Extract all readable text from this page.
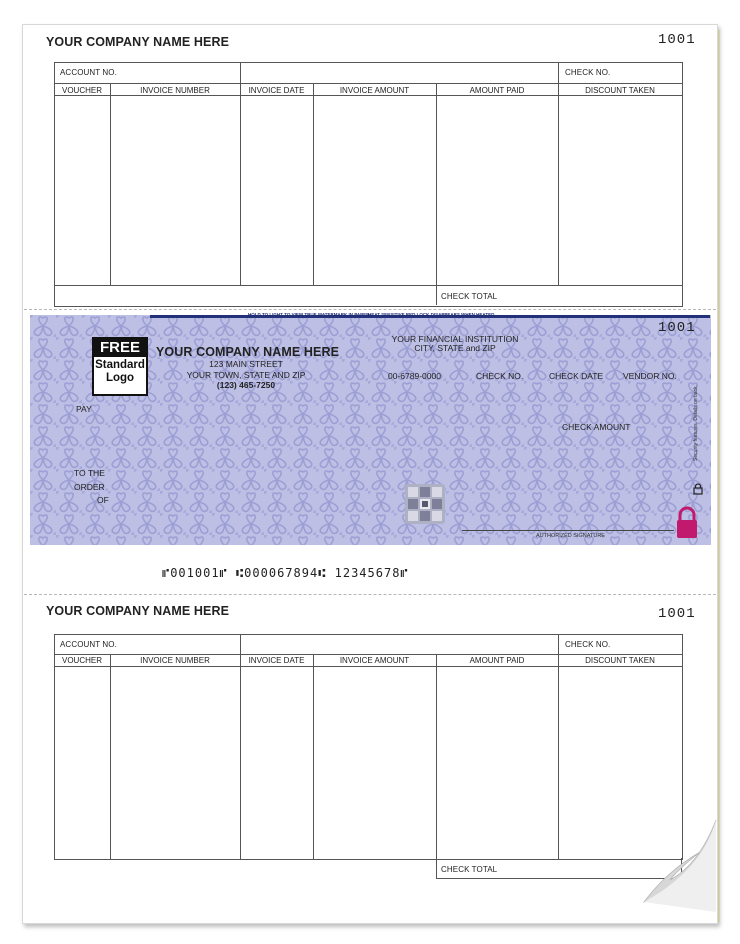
YOUR COMPANY NAME HERE	1001
ACCOUNT NO.	CHECK NO.
VOUCHER	INVOICE NUMBER	INVOICE DATE	INVOICE AMOUNT	AMOUNT PAID	DISCOUNT TAKEN
CHECK TOTAL
HOLD TO LIGHT TO VIEW TRUE WATERMARK IN PAPER
HEAT SENSITIVE RED LOCK DISAPPEARS WHEN HEATED
1001
FREE
Standard
Logo
YOUR COMPANY NAME HERE
123 MAIN STREET
YOUR TOWN, STATE AND ZIP
(123) 465-7250
YOUR FINANCIAL INSTITUTION
CITY, STATE and ZIP
00-6789-0000	CHECK NO.	CHECK DATE VENDOR NO.
PAY
CHECK AMOUNT
TO THE
ORDER
OF
Security features. Details on back.
AUTHORIZED SIGNATURE
⑈001001⑈ ⑆000067894⑆ 12345678⑈
YOUR COMPANY NAME HERE	1001
ACCOUNT NO.	CHECK NO.
VOUCHER	INVOICE NUMBER	INVOICE DATE	INVOICE AMOUNT	AMOUNT PAID	DISCOUNT TAKEN
CHECK TOTAL
